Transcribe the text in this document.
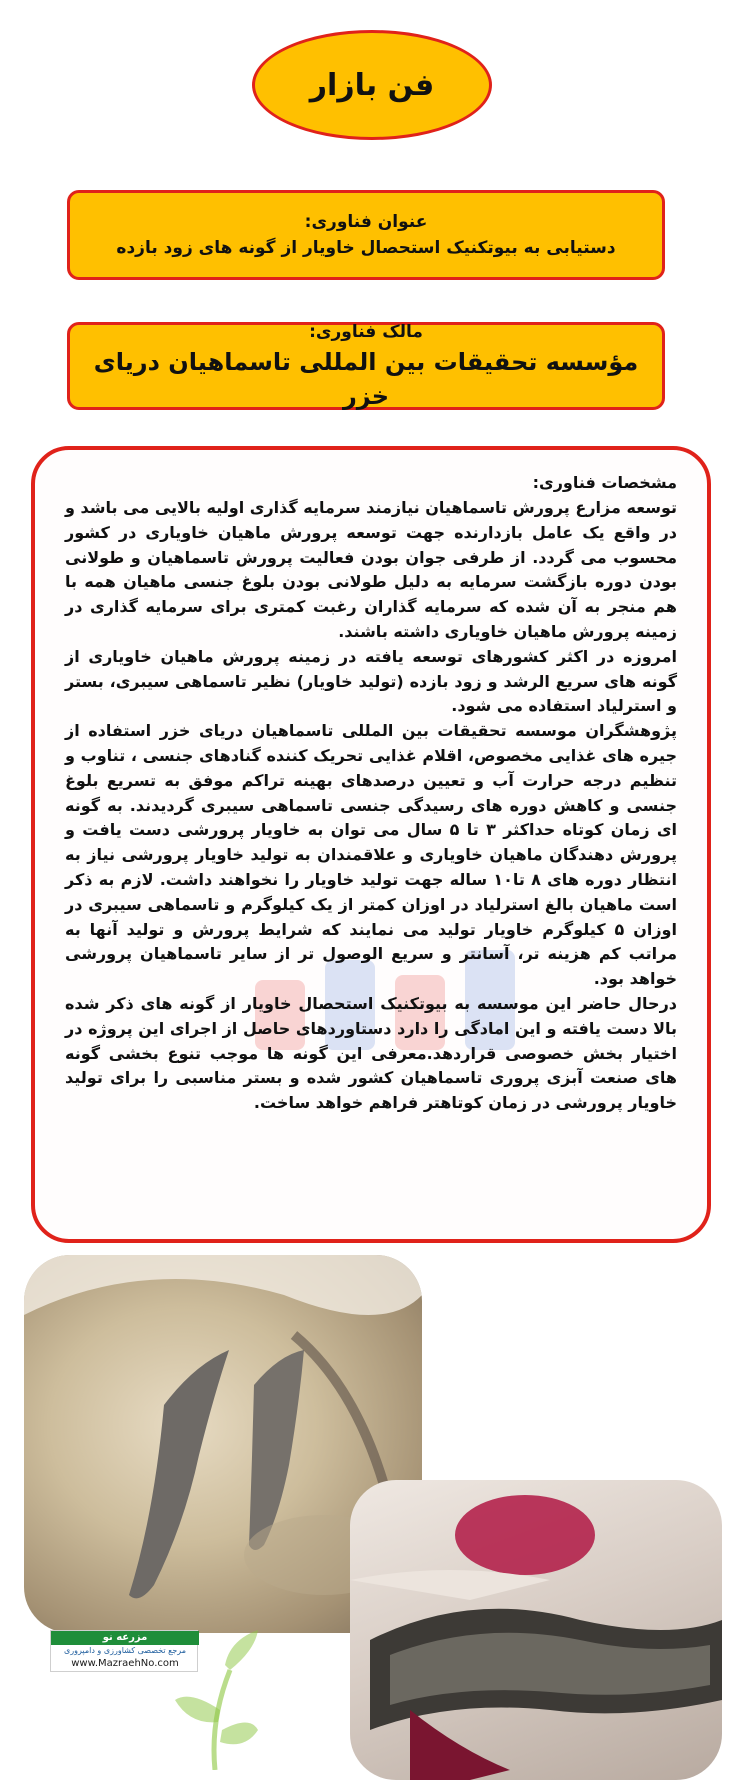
فن بازار
عنوان فناوری:
دستیابی به بیوتکنیک استحصال خاویار از گونه های زود بازده
مالک فناوری:
مؤسسه تحقیقات بین المللی تاسماهیان دریای خزر
مشخصات فناوری:

توسعه مزارع پرورش تاسماهیان نیازمند سرمایه گذاری اولیه بالایی می باشد و در واقع یک عامل بازدارنده جهت توسعه پرورش ماهیان خاویاری در کشور محسوب می گردد. از طرفی جوان بودن فعالیت پرورش تاسماهیان و طولانی بودن دوره بازگشت سرمایه به دلیل طولانی بودن بلوغ جنسی ماهیان همه با هم منجر به آن شده که سرمایه گذاران رغبت کمتری برای سرمایه گذاری در زمینه پرورش ماهیان خاویاری داشته باشند.

امروزه در اکثر کشورهای توسعه یافته در زمینه پرورش ماهیان خاویاری از گونه های سریع الرشد و زود بازده (تولید خاویار) نظیر تاسماهی سیبری، بستر و استرلیاد استفاده می شود.

پژوهشگران موسسه تحقیقات بین المللی تاسماهیان دریای خزر استفاده از جیره های غذایی مخصوص، اقلام غذایی تحریک کننده گنادهای جنسی ، تناوب و تنظیم درجه حرارت آب و تعیین درصدهای بهینه تراکم موفق به تسریع بلوغ جنسی و کاهش دوره های رسیدگی جنسی تاسماهی سیبری گردیدند. به گونه ای زمان کوتاه حداکثر ۳ تا ۵ سال می توان به خاویار پرورشی دست یافت و پرورش دهندگان ماهیان خاویاری و علاقمندان به تولید خاویار پرورشی نیاز به انتظار دوره های ۸ تا۱۰ ساله جهت تولید خاویار را نخواهند داشت. لازم به ذکر است ماهیان بالغ استرلیاد در اوزان کمتر از یک کیلوگرم و تاسماهی سیبری در اوزان ۵ کیلوگرم خاویار تولید می نمایند که شرایط پرورش و تولید آنها به مراتب کم هزینه تر، آسانتر و سریع الوصول تر از سایر تاسماهیان پرورشی خواهد بود.

درحال حاضر این موسسه به بیوتکنیک استحصال خاویار از گونه های ذکر شده بالا دست یافته و این امادگی را دارد دستاوردهای حاصل از اجرای این پروژه در اختیار بخش خصوصی قراردهد.معرفی این گونه ها موجب تنوع بخشی گونه های صنعت آبزی پروری تاسماهیان کشور شده و بستر مناسبی را برای تولید خاویار پرورشی در زمان کوتاهتر فراهم خواهد ساخت.

مزرعه نو
مرجع تخصصی کشاورزی و دامپروری
www.MazraehNo.com
